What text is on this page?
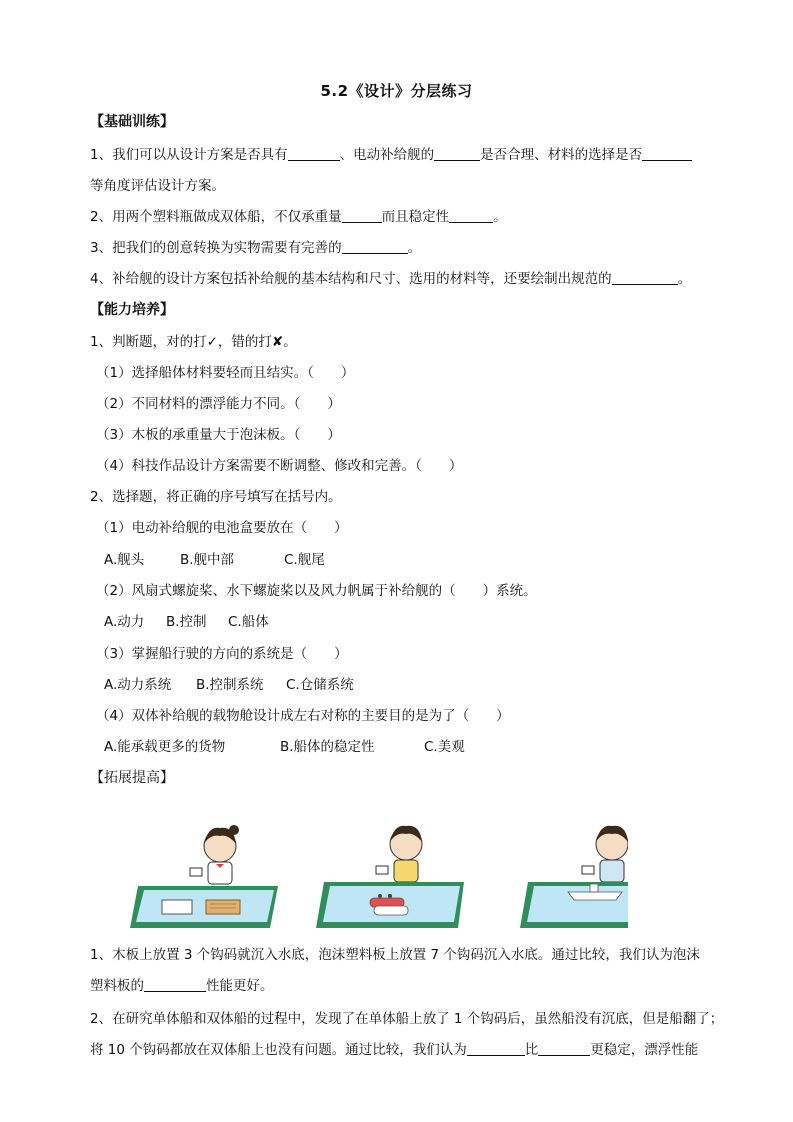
5.2《设计》分层练习
【基础训练】
1、我们可以从设计方案是否具有	、电动补给舰的	是否合理、材料的选择是否
等角度评估设计方案。
2、用两个塑料瓶做成双体船，不仅承重量	而且稳定性	。
3、把我们的创意转换为实物需要有完善的	。
4、补给舰的设计方案包括补给舰的基本结构和尺寸、选用的材料等，还要绘制出规范的	。
【能力培养】
1、判断题，对的打✓，错的打✘。
（1）选择船体材料要轻而且结实。（　　）
（2）不同材料的漂浮能力不同。（　　）
（3）木板的承重量大于泡沫板。（　　）
（4）科技作品设计方案需要不断调整、修改和完善。（　　）
2、选择题，将正确的序号填写在括号内。
（1）电动补给舰的电池盒要放在（　　）
A.舰头	B.舰中部	C.舰尾
（2）风扇式螺旋桨、水下螺旋桨以及风力帆属于补给舰的（　　）系统。
A.动力 B.控制 C.船体
（3）掌握船行驶的方向的系统是（　　）
A.动力系统 B.控制系统 C.仓储系统
（4）双体补给舰的载物舱设计成左右对称的主要目的是为了（　　）
A.能承载更多的货物	B.船体的稳定性	C.美观
【拓展提高】
1、木板上放置 3 个钩码就沉入水底，泡沫塑料板上放置 7 个钩码沉入水底。通过比较，我们认为泡沫
塑料板的	性能更好。
2、在研究单体船和双体船的过程中，发现了在单体船上放了 1 个钩码后，虽然船没有沉底，但是船翻了；
将 10 个钩码都放在双体船上也没有问题。通过比较，我们认为	比	更稳定，漂浮性能
